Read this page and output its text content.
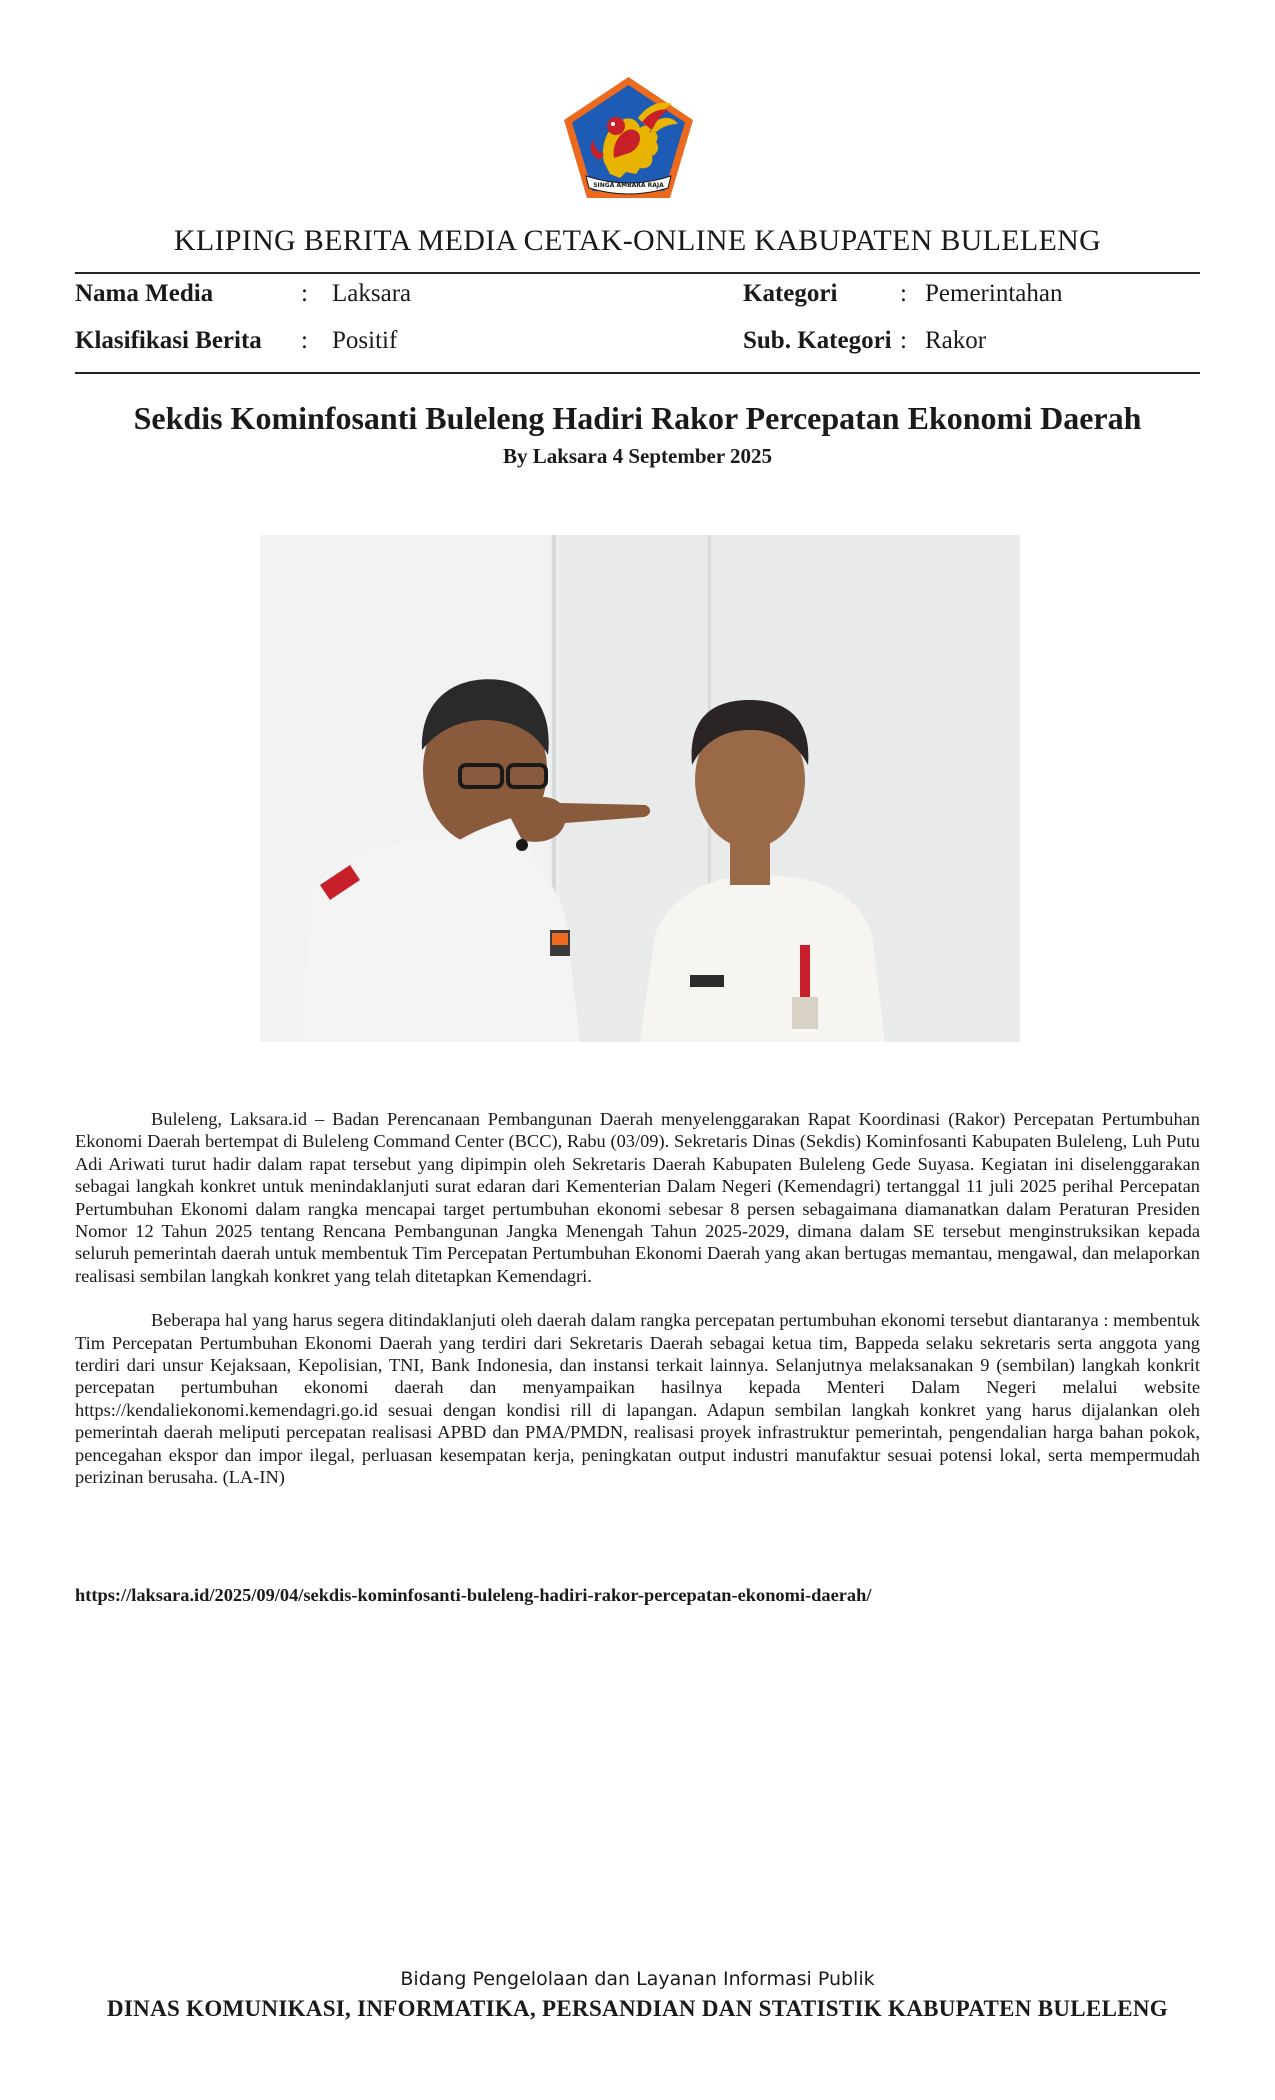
SINGA AMBARA RAJA
KLIPING BERITA MEDIA CETAK-ONLINE KABUPATEN BULELENG
Nama Media	: Laksara
Klasifikasi Berita : Positif
Kategori	: Pemerintahan
Sub. Kategori : Rakor
Sekdis Kominfosanti Buleleng Hadiri Rakor Percepatan Ekonomi Daerah
By Laksara 4 September 2025

Buleleng, Laksara.id – Badan Perencanaan Pembangunan Daerah menyelenggarakan Rapat Koordinasi (Rakor) Percepatan Pertumbuhan Ekonomi Daerah bertempat di Buleleng Command Center (BCC), Rabu (03/09). Sekretaris Dinas (Sekdis) Kominfosanti Kabupaten Buleleng, Luh Putu Adi Ariwati turut hadir dalam rapat tersebut yang dipimpin oleh Sekretaris Daerah Kabupaten Buleleng Gede Suyasa. Kegiatan ini diselenggarakan sebagai langkah konkret untuk menindaklanjuti surat edaran dari Kementerian Dalam Negeri (Kemendagri) tertanggal 11 juli 2025 perihal Percepatan Pertumbuhan Ekonomi dalam rangka mencapai target pertumbuhan ekonomi sebesar 8 persen sebagaimana diamanatkan dalam Peraturan Presiden Nomor 12 Tahun 2025 tentang Rencana Pembangunan Jangka Menengah Tahun 2025-2029, dimana dalam SE tersebut menginstruksikan kepada seluruh pemerintah daerah untuk membentuk Tim Percepatan Pertumbuhan Ekonomi Daerah yang akan bertugas memantau, mengawal, dan melaporkan realisasi sembilan langkah konkret yang telah ditetapkan Kemendagri.

Beberapa hal yang harus segera ditindaklanjuti oleh daerah dalam rangka percepatan pertumbuhan ekonomi tersebut diantaranya : membentuk Tim Percepatan Pertumbuhan Ekonomi Daerah yang terdiri dari Sekretaris Daerah sebagai ketua tim, Bappeda selaku sekretaris serta anggota yang terdiri dari unsur Kejaksaan, Kepolisian, TNI, Bank Indonesia, dan instansi terkait lainnya. Selanjutnya melaksanakan 9 (sembilan) langkah konkrit percepatan pertumbuhan ekonomi daerah dan menyampaikan hasilnya kepada Menteri Dalam Negeri melalui website https://kendaliekonomi.kemendagri.go.id sesuai dengan kondisi rill di lapangan. Adapun sembilan langkah konkret yang harus dijalankan oleh pemerintah daerah meliputi percepatan realisasi APBD dan PMA/PMDN, realisasi proyek infrastruktur pemerintah, pengendalian harga bahan pokok, pencegahan ekspor dan impor ilegal, perluasan kesempatan kerja, peningkatan output industri manufaktur sesuai potensi lokal, serta mempermudah perizinan berusaha. (LA-IN)

https://laksara.id/2025/09/04/sekdis-kominfosanti-buleleng-hadiri-rakor-percepatan-ekonomi-daerah/
Bidang Pengelolaan dan Layanan Informasi Publik
DINAS KOMUNIKASI, INFORMATIKA, PERSANDIAN DAN STATISTIK KABUPATEN BULELENG
